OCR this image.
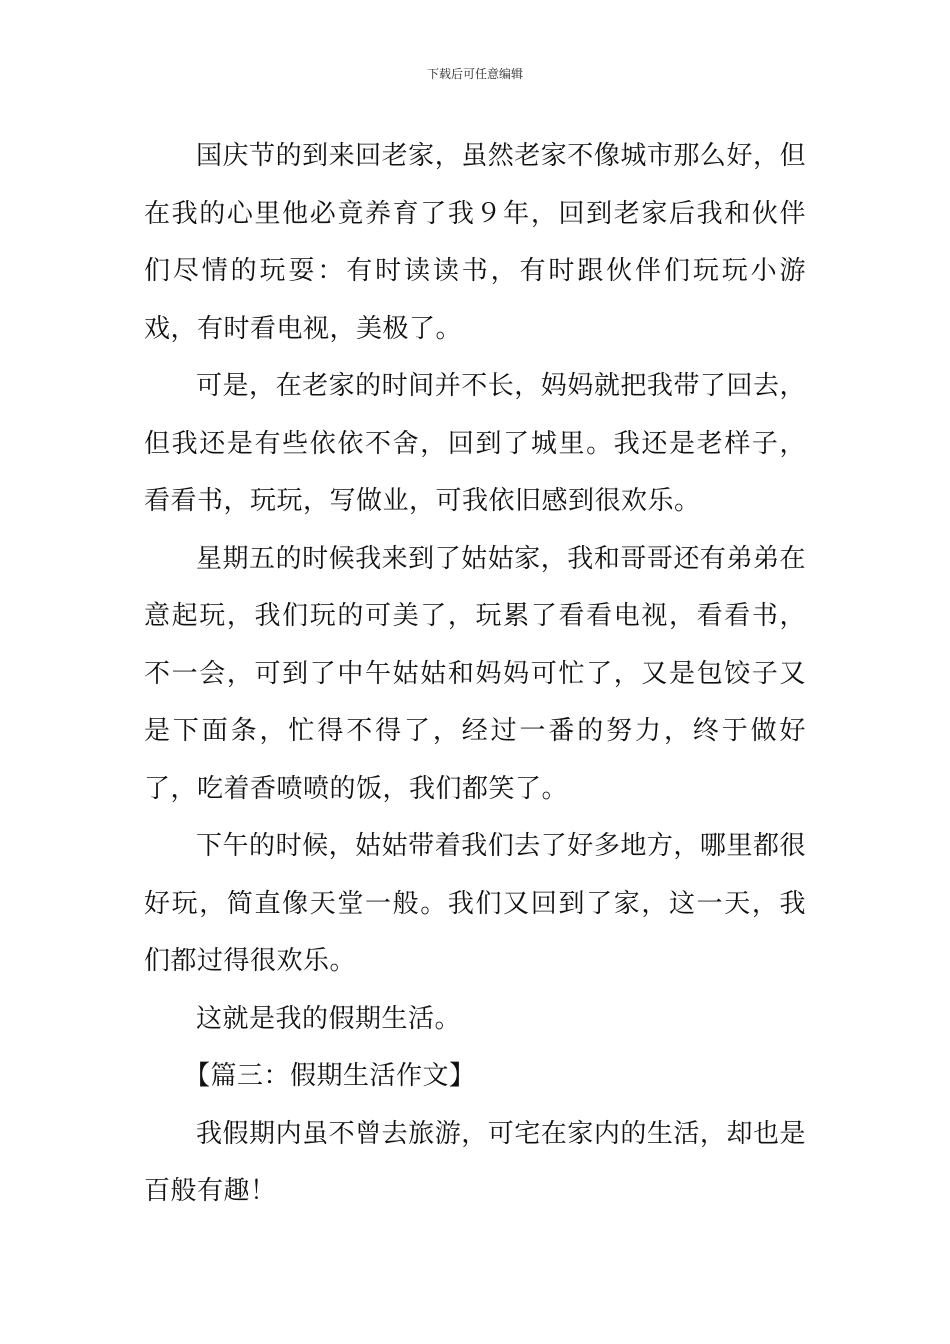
下载后可任意编辑

国庆节的到来回老家，虽然老家不像城市那么好，但在我的心里他必竟养育了我９年，回到老家后我和伙伴们尽情的玩耍：有时读读书，有时跟伙伴们玩玩小游戏，有时看电视，美极了。

可是，在老家的时间并不长，妈妈就把我带了回去，但我还是有些依依不舍，回到了城里。我还是老样子，看看书，玩玩，写做业，可我依旧感到很欢乐。

星期五的时候我来到了姑姑家，我和哥哥还有弟弟在意起玩，我们玩的可美了，玩累了看看电视，看看书，不一会，可到了中午姑姑和妈妈可忙了，又是包饺子又是下面条，忙得不得了，经过一番的努力，终于做好了，吃着香喷喷的饭，我们都笑了。

下午的时候，姑姑带着我们去了好多地方，哪里都很好玩，简直像天堂一般。我们又回到了家，这一天，我们都过得很欢乐。

这就是我的假期生活。

【篇三：假期生活作文】

我假期内虽不曾去旅游，可宅在家内的生活，却也是百般有趣！
